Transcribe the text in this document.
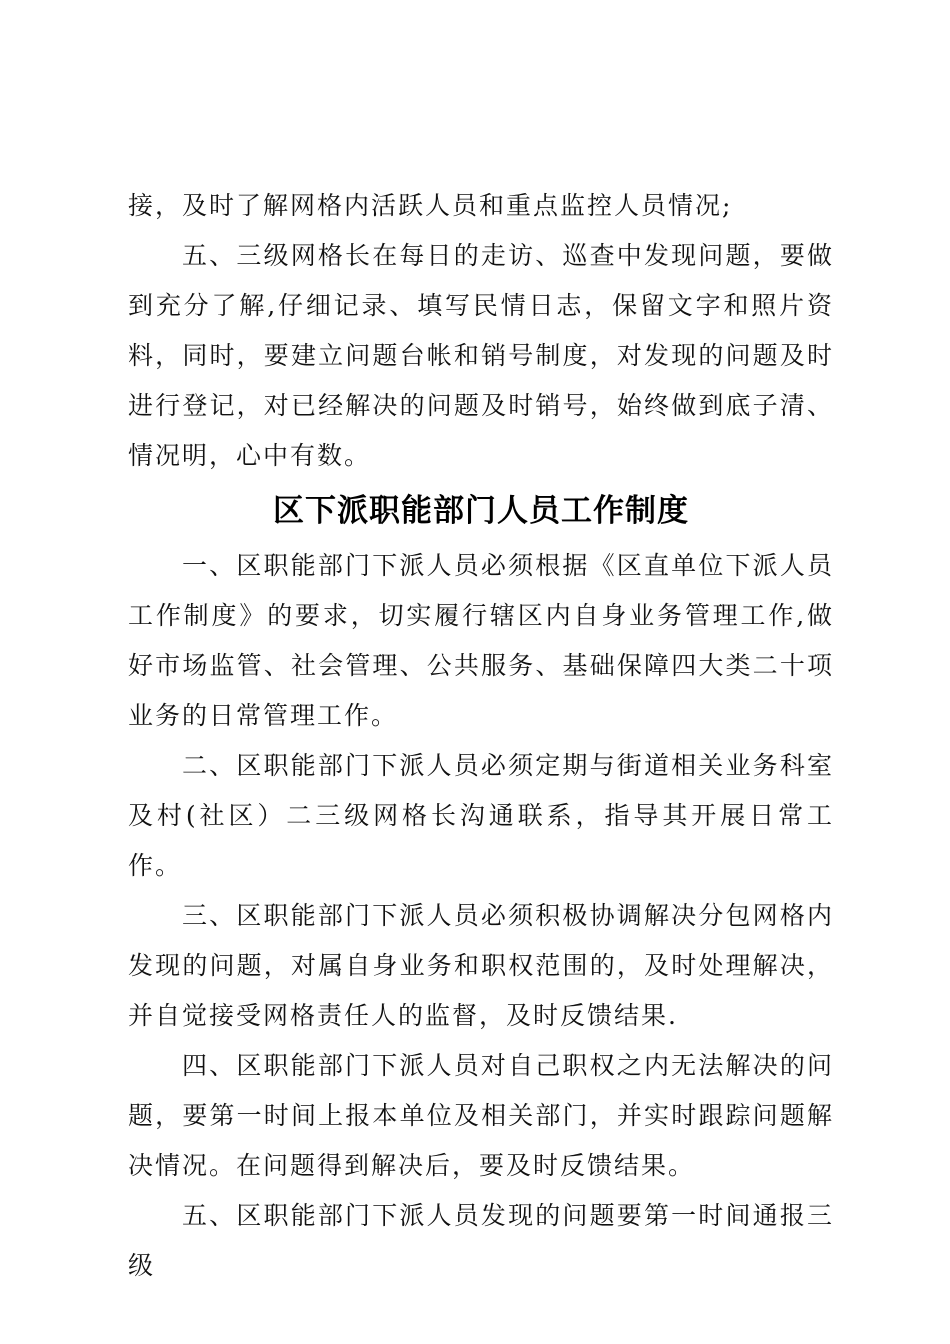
接，及时了解网格内活跃人员和重点监控人员情况;

五、三级网格长在每日的走访、巡查中发现问题，要做到充分了解,仔细记录、填写民情日志，保留文字和照片资料，同时，要建立问题台帐和销号制度，对发现的问题及时进行登记，对已经解决的问题及时销号，始终做到底子清、情况明，心中有数。

区下派职能部门人员工作制度

一、区职能部门下派人员必须根据《区直单位下派人员工作制度》的要求，切实履行辖区内自身业务管理工作,做好市场监管、社会管理、公共服务、基础保障四大类二十项业务的日常管理工作。

二、区职能部门下派人员必须定期与街道相关业务科室及村(社区）二三级网格长沟通联系，指导其开展日常工作。

三、区职能部门下派人员必须积极协调解决分包网格内发现的问题，对属自身业务和职权范围的，及时处理解决，并自觉接受网格责任人的监督，及时反馈结果.

四、区职能部门下派人员对自己职权之内无法解决的问题，要第一时间上报本单位及相关部门，并实时跟踪问题解决情况。在问题得到解决后，要及时反馈结果。

五、区职能部门下派人员发现的问题要第一时间通报三级
